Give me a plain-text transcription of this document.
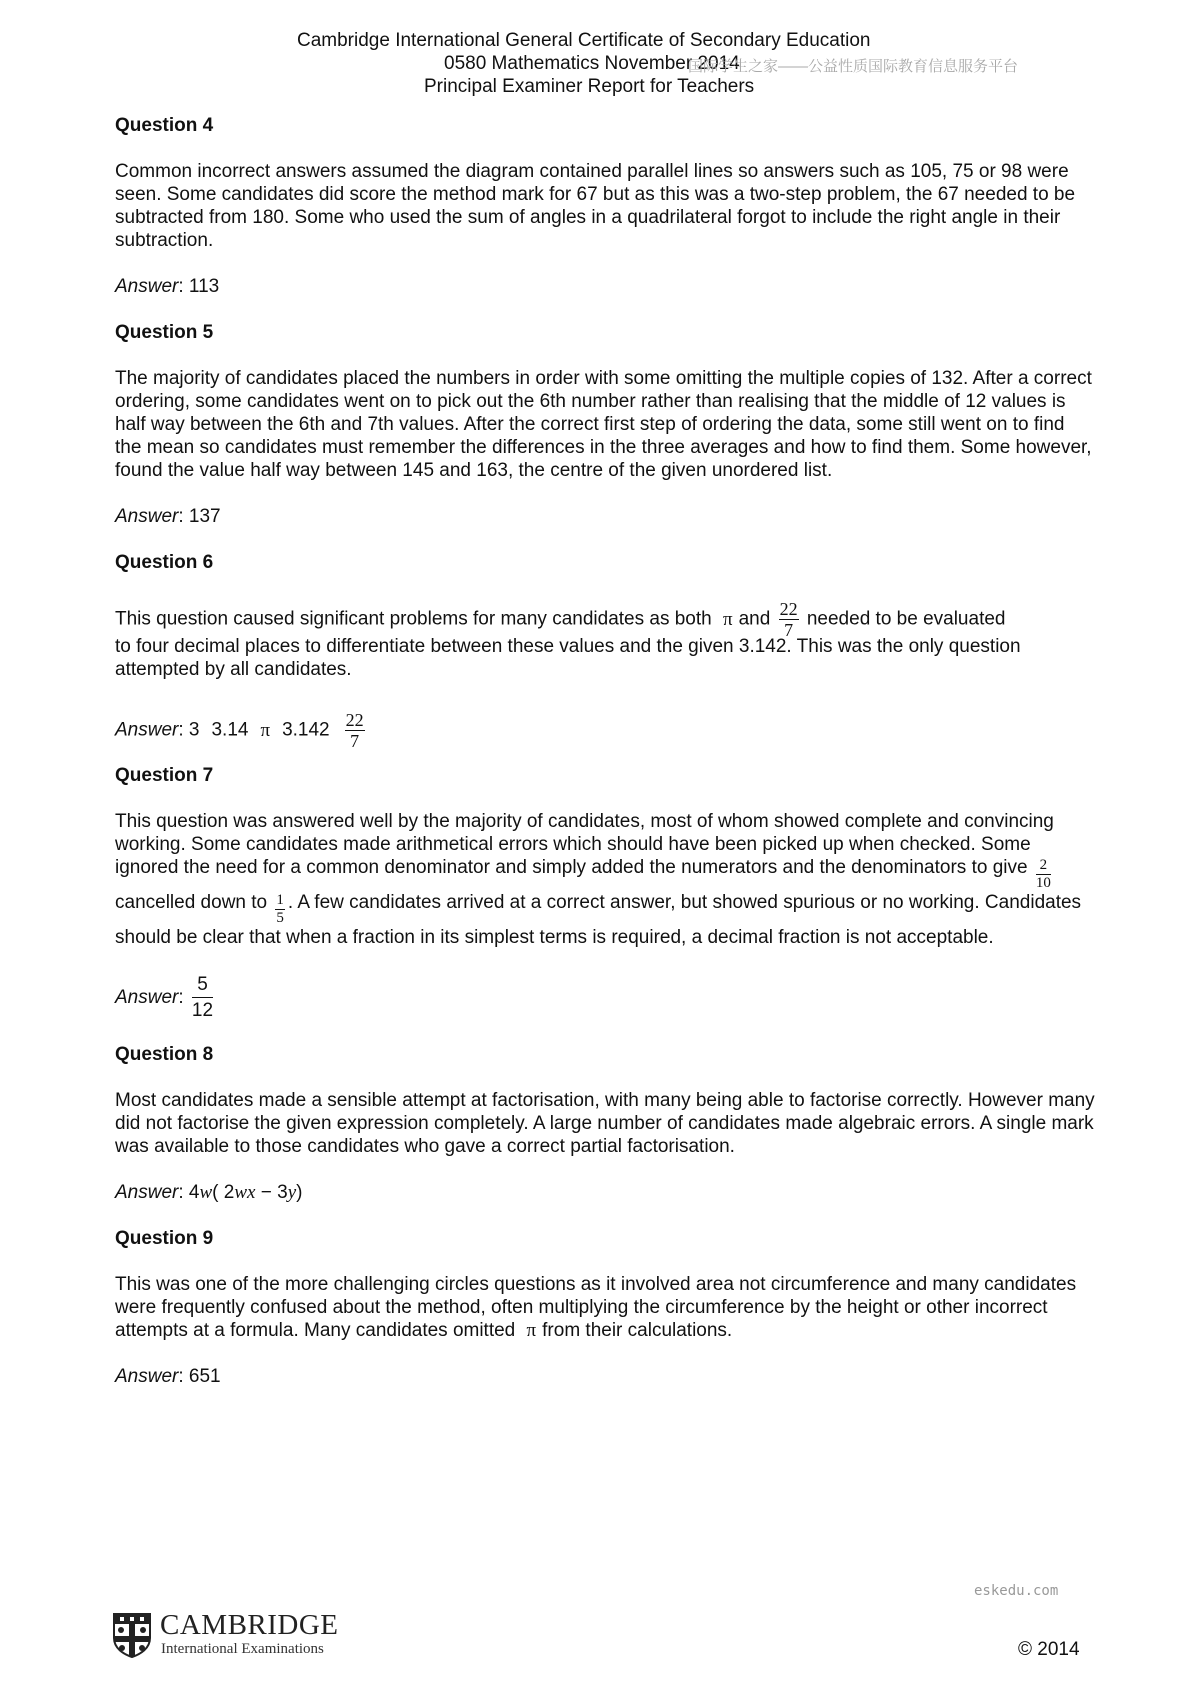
Cambridge International General Certificate of Secondary Education
0580 Mathematics November 2014
Principal Examiner Report for Teachers
国际学生之家——公益性质国际教育信息服务平台

Question 4

Common incorrect answers assumed the diagram contained parallel lines so answers such as 105, 75 or 98 were seen. Some candidates did score the method mark for 67 but as this was a two-step problem, the 67 needed to be subtracted from 180. Some who used the sum of angles in a quadrilateral forgot to include the right angle in their subtraction.

Answer: 113

Question 5

The majority of candidates placed the numbers in order with some omitting the multiple copies of 132. After a correct ordering, some candidates went on to pick out the 6th number rather than realising that the middle of 12 values is half way between the 6th and 7th values. After the correct first step of ordering the data, some still went on to find the mean so candidates must remember the differences in the three averages and how to find them. Some however, found the value half way between 145 and 163, the centre of the given unordered list.

Answer: 137

Question 6

This question caused significant problems for many candidates as both π and $\frac{22}{7}$ needed to be evaluated

to four decimal places to differentiate between these values and the given 3.142. This was the only question attempted by all candidates.

Answer: 3 3.14 π $3.142 \frac{22}{7}$

Question 7

This question was answered well by the majority of candidates, most of whom showed complete and convincing working. Some candidates made arithmetical errors which should have been picked up when checked. Some ignored the need for a common denominator and simply added the numerators and the denominators to give $\frac{2}{10}$
cancelled down to $\frac{1}{5}$ . A few candidates arrived at a correct answer, but showed spurious or no working. Candidates should be clear that when a fraction in its simplest terms is required, a decimal fraction is not acceptable.

Answer: $\frac{5}{12}$

Question 8

Most candidates made a sensible attempt at factorisation, with many being able to factorise correctly. However many did not factorise the given expression completely. A large number of candidates made algebraic errors. A single mark was available to those candidates who gave a correct partial factorisation.

Answer: 4w( 2wx − 3y)

Question 9

This was one of the more challenging circles questions as it involved area not circumference and many candidates were frequently confused about the method, often multiplying the circumference by the height or other incorrect attempts at a formula. Many candidates omitted π from their calculations.

Answer: 651

eskedu.com
CAMBRIDGE
International Examinations	© 2014
